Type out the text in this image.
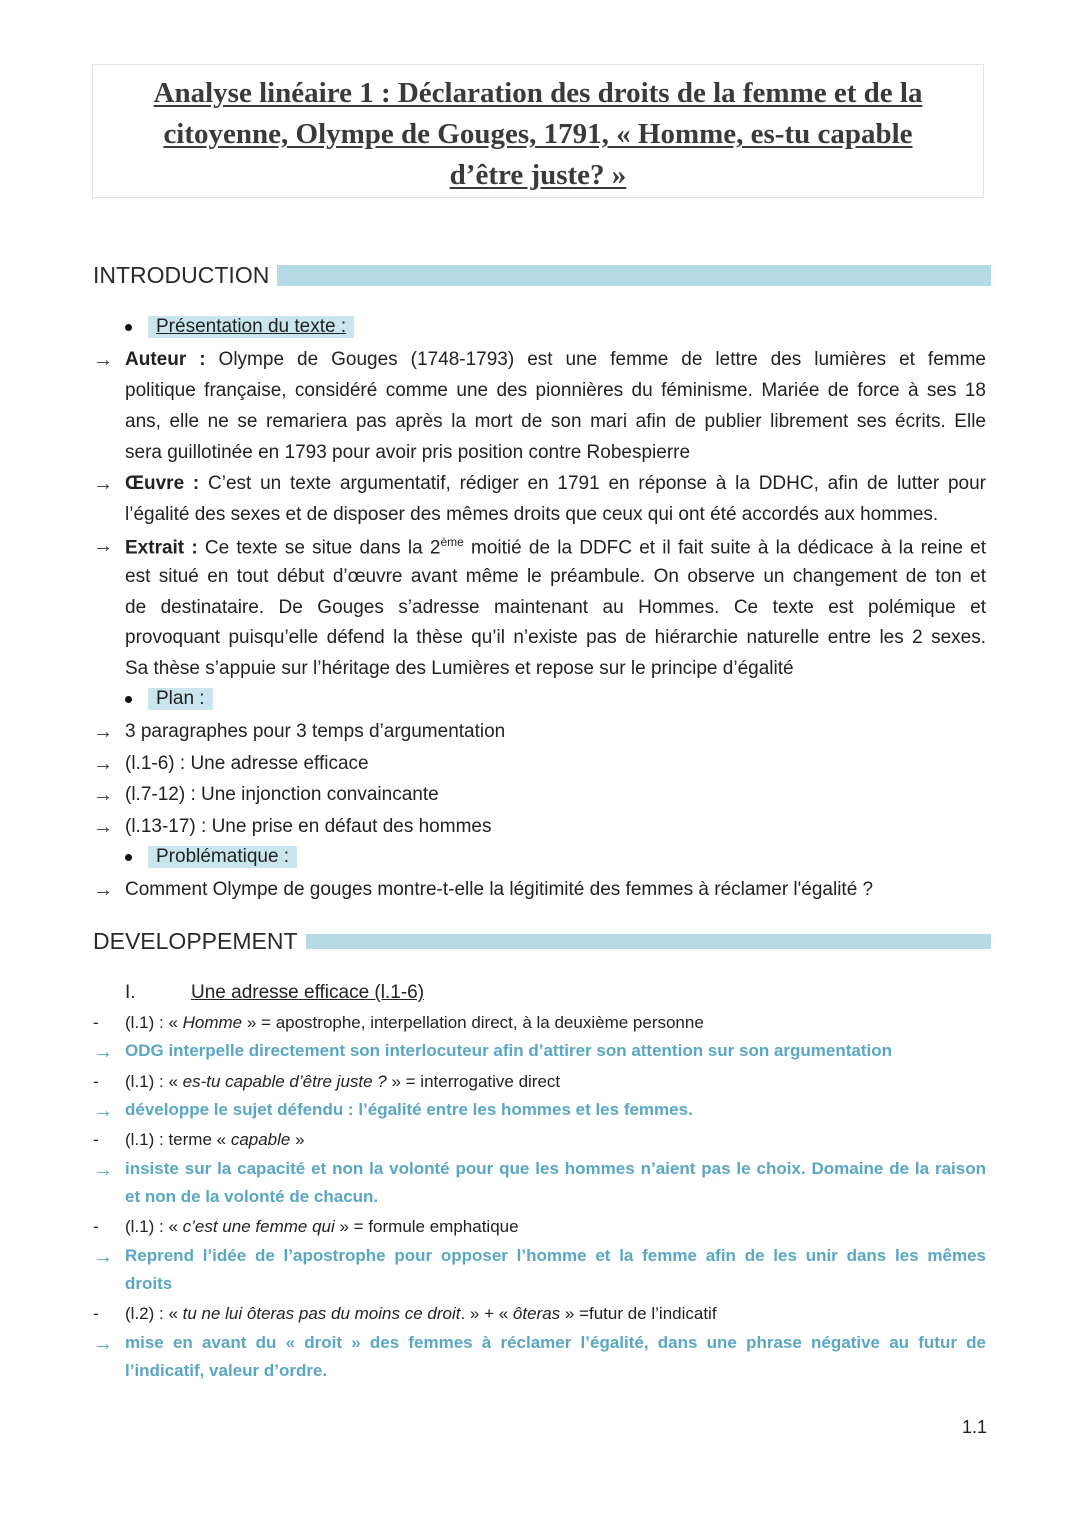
Analyse linéaire 1 : Déclaration des droits de la femme et de la
citoyenne, Olympe de Gouges, 1791, « Homme, es-tu capable
d’être juste? »
INTRODUCTION
Présentation du texte :
→ Auteur : Olympe de Gouges (1748-1793) est une femme de lettre des lumières et femme
politique française, considéré comme une des pionnières du féminisme. Mariée de force à ses 18
ans, elle ne se remariera pas après la mort de son mari afin de publier librement ses écrits. Elle
sera guillotinée en 1793 pour avoir pris position contre Robespierre
→ Œuvre : C’est un texte argumentatif, rédiger en 1791 en réponse à la DDHC, afin de lutter pour
l’égalité des sexes et de disposer des mêmes droits que ceux qui ont été accordés aux hommes.
→ Extrait : Ce texte se situe dans la 2ème moitié de la DDFC et il fait suite à la dédicace à la reine et
est situé en tout début d’œuvre avant même le préambule. On observe un changement de ton et
de destinataire. De Gouges s’adresse maintenant au Hommes. Ce texte est polémique et
provoquant puisqu’elle défend la thèse qu’il n’existe pas de hiérarchie naturelle entre les 2 sexes.
Sa thèse s’appuie sur l’héritage des Lumières et repose sur le principe d’égalité
Plan :
→ 3 paragraphes pour 3 temps d’argumentation
→ (l.1-6) : Une adresse efficace
→ (l.7-12) : Une injonction convaincante
→ (l.13-17) : Une prise en défaut des hommes
Problématique :
→ Comment Olympe de gouges montre-t-elle la légitimité des femmes à réclamer l'égalité ?
DEVELOPPEMENT
I.	Une adresse efficace (l.1-6)
- (l.1) : « Homme » = apostrophe, interpellation direct, à la deuxième personne
→ ODG interpelle directement son interlocuteur afin d’attirer son attention sur son argumentation
- (l.1) : « es-tu capable d’être juste ? » = interrogative direct
→ développe le sujet défendu : l’égalité entre les hommes et les femmes.
- (l.1) : terme « capable »
→ insiste sur la capacité et non la volonté pour que les hommes n’aient pas le choix. Domaine de la raison
et non de la volonté de chacun.
- (l.1) : « c’est une femme qui » = formule emphatique
→ Reprend l’idée de l’apostrophe pour opposer l’homme et la femme afin de les unir dans les mêmes
droits
- (l.2) : « tu ne lui ôteras pas du moins ce droit. » + « ôteras » =futur de l’indicatif
→ mise en avant du « droit » des femmes à réclamer l’égalité, dans une phrase négative au futur de
l’indicatif, valeur d’ordre.
1.1
